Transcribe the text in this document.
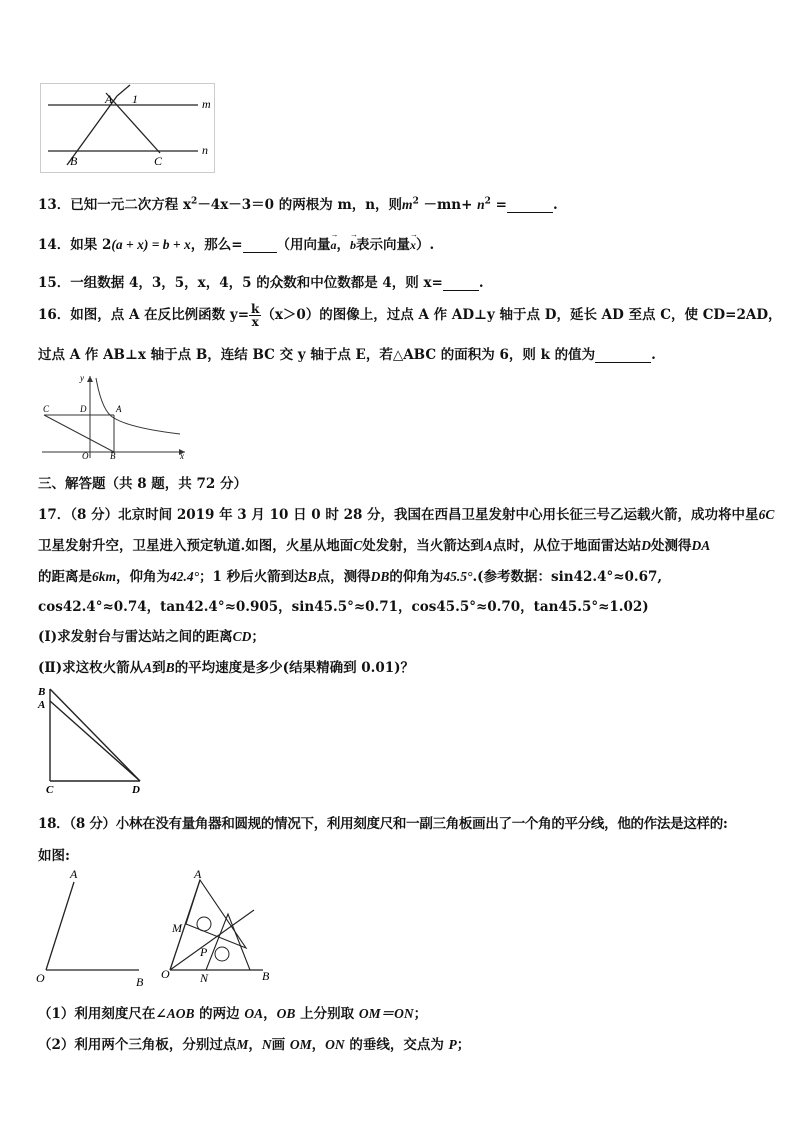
A 1	m
B	C
n
13．已知一元二次方程 $x^2-4x-3=0$ 的两根为 m，n，则$m^2 -mn+ n^2$ =	.
14．如果 2(a + x) = b + x，那么=	（用向量→ a，→ b表示向量→ x）.
15．一组数据 4，3，5，x，4，5 的众数和中位数都是 4，则 x=	.
16．如图，点 A 在反比例函数 $y= \frac{k}{x} (x>0)$的图像上，过点 A 作 AD⊥y 轴于点 D，延长 AD 至点 C，使 CD=2AD，
过点 A 作 AB⊥x 轴于点 B，连结 BC 交 y 轴于点 E，若△ABC 的面积为 6，则 k 的值为	.
y
C	D	A
O B	x
三、解答题（共 8 题，共 72 分）
17．（8 分）北京时间 2019 年 3 月 10 日 0 时 28 分，我国在西昌卫星发射中心用长征三号乙运载火箭，成功将中星6C
卫星发射升空，卫星进入预定轨道.如图，火星从地面C处发射，当火箭达到A点时，从位于地面雷达站D处测得DA
的距离是6km，仰角为42.4°；1 秒后火箭到达B点，测得DB的仰角为45.5°.(参考数据：sin42.4°≈0.67,
cos42.4°≈0.74，tan42.4°≈0.905，sin45.5°≈0.71，cos45.5°≈0.70，tan45.5°≈1.02)
(Ⅰ)求发射台与雷达站之间的距离CD；
(Ⅱ)求这枚火箭从A到B的平均速度是多少(结果精确到 0.01)？
B
A
C	D
18．（8 分）小林在没有量角器和圆规的情况下，利用刻度尺和一副三角板画出了一个角的平分线，他的作法是这样的:
如图:
A
O	B
A
M
P
O	N	B
（1）利用刻度尺在∠AOB 的两边 OA，OB 上分别取 OM＝ON；
（2）利用两个三角板，分别过点M，N画 OM，ON 的垂线，交点为 P；
